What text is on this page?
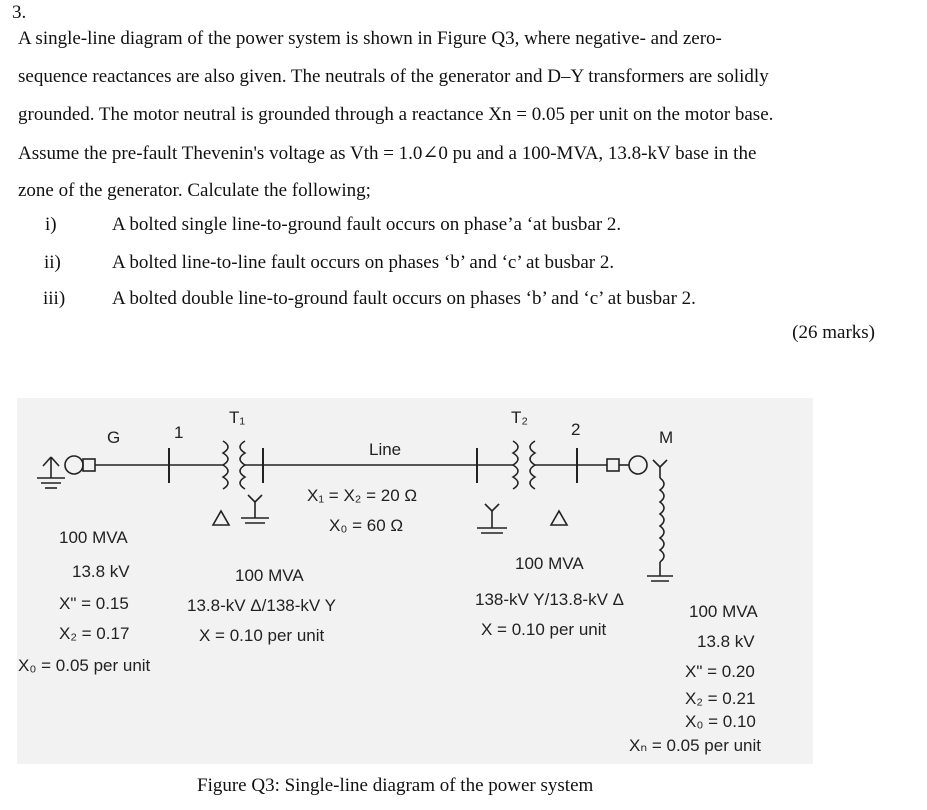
3.
A single-line diagram of the power system is shown in Figure Q3, where negative- and zero-
sequence reactances are also given. The neutrals of the generator and D–Y transformers are solidly
grounded. The motor neutral is grounded through a reactance Xn = 0.05 per unit on the motor base.
Assume the pre-fault Thevenin's voltage as Vth = 1.0∠0 pu and a 100-MVA, 13.8-kV base in the
zone of the generator. Calculate the following;
i)	A bolted single line-to-ground fault occurs on phase’a ‘at busbar 2.
ii)	A bolted line-to-line fault occurs on phases ‘b’ and ‘c’ at busbar 2.
iii) A bolted double line-to-ground fault occurs on phases ‘b’ and ‘c’ at busbar 2.
(26 marks)
G	1
T₁
Line
T₂
2	M
X₁ = X₂ = 20 Ω
X₀ = 60 Ω
100 MVA
13.8 kV
X" = 0.15
X₂ = 0.17
X₀ = 0.05 per unit
100 MVA
13.8-kV Δ/138-kV Y
X = 0.10 per unit
100 MVA
138-kV Y/13.8-kV Δ
X = 0.10 per unit
100 MVA
13.8 kV
X" = 0.20
X₂ = 0.21
X₀ = 0.10
Xₙ = 0.05 per unit
Figure Q3: Single-line diagram of the power system
